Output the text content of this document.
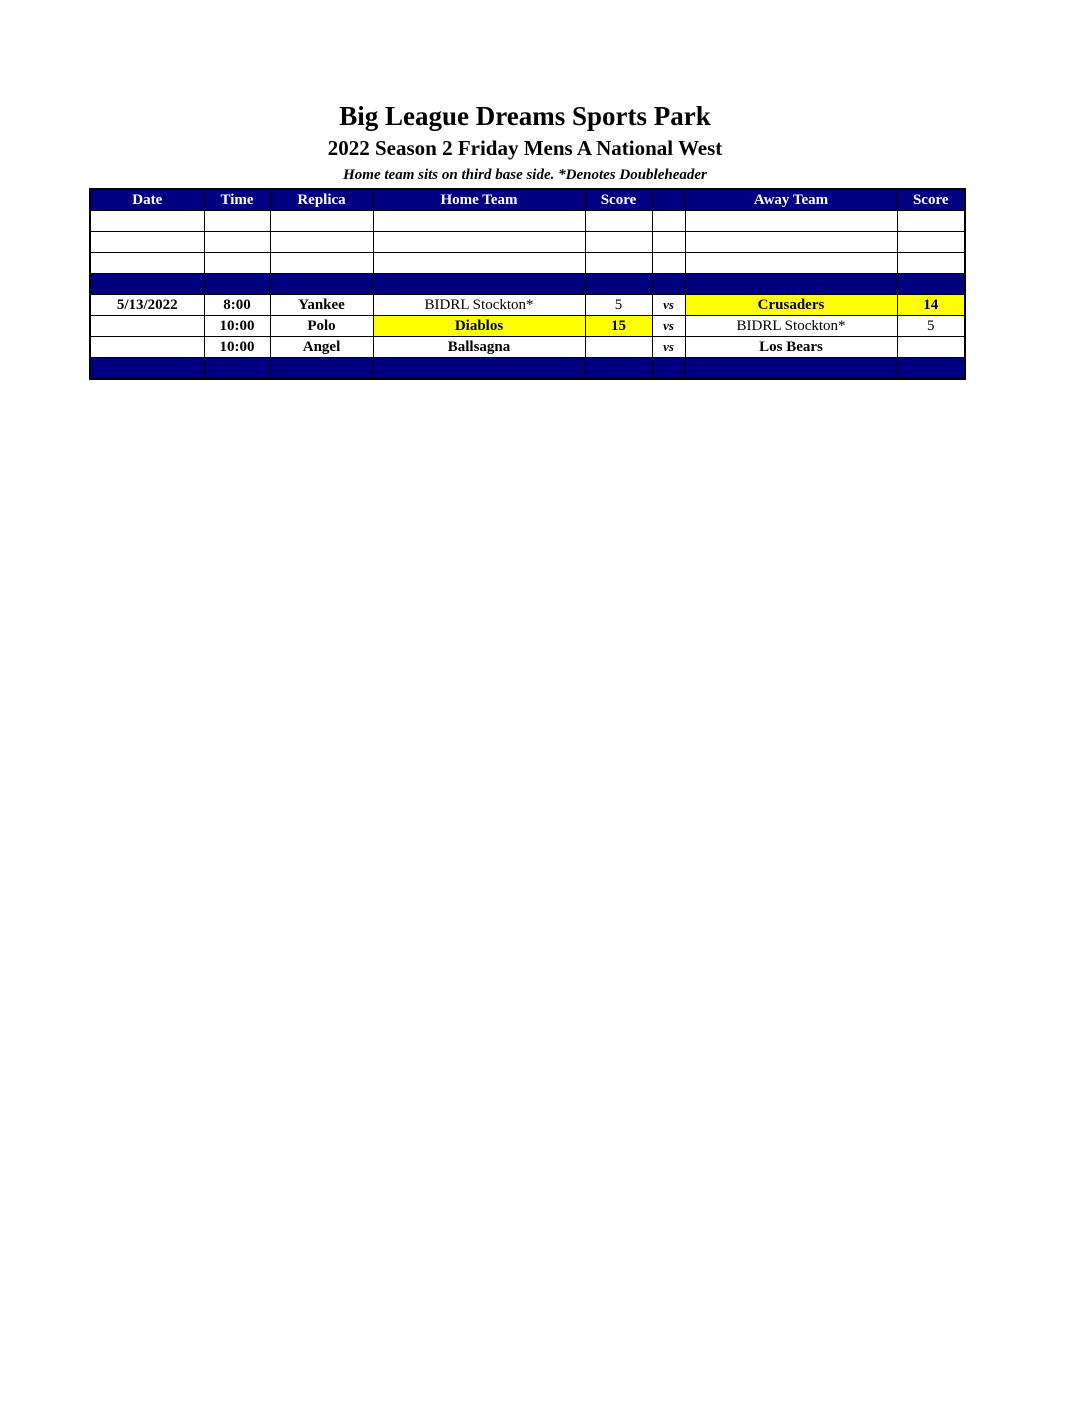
Big League Dreams Sports Park
2022 Season 2 Friday Mens A National West
Home team sits on third base side. *Denotes Doubleheader
Date	Time	Replica	Home Team	Score		Away Team	Score

5/13/2022	8:00	Yankee	BIDRL Stockton*	5	vs	Crusaders	14
	10:00	Polo	Diablos	15	vs	BIDRL Stockton*	5
	10:00	Angel	Ballsagna		vs	Los Bears	
